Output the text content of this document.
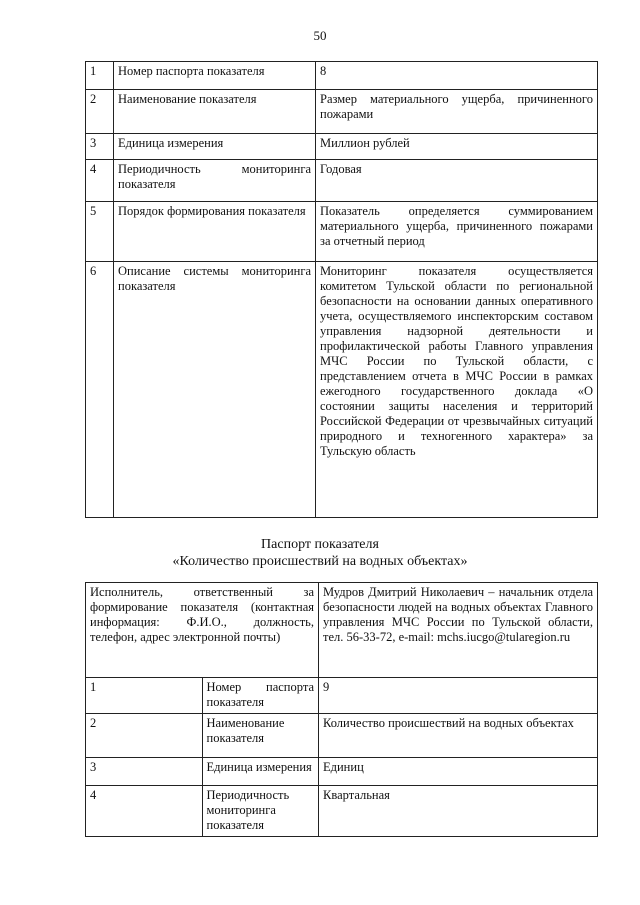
50
1	Номер паспорта показателя	8
2	Наименование показателя	Размер материального ущерба, причиненного пожарами
3	Единица измерения	Миллион рублей
4	Периодичность мониторинга показателя	Годовая
5	Порядок формирования показателя	Показатель определяется суммированием материального ущерба, причиненного пожарами за отчетный период
6	Описание системы мониторинга показателя	Мониторинг показателя осуществляется комитетом Тульской области по региональной безопасности на основании данных оперативного учета, осуществляемого инспекторским составом управления надзорной деятельности и профилактической работы Главного управления МЧС России по Тульской области, с представлением отчета в МЧС России в рамках ежегодного государственного доклада «О состоянии защиты населения и территорий Российской Федерации от чрезвычайных ситуаций природного и техногенного характера» за Тульскую область
Паспорт показателя
«Количество происшествий на водных объектах»
Исполнитель, ответственный за формирование показателя (контактная информация: Ф.И.О., должность, телефон, адрес электронной почты)		Мудров Дмитрий Николаевич – начальник отдела безопасности людей на водных объектах Главного управления МЧС России по Тульской области, тел. 56-33-72, e-mail: mchs.iucgo@tularegion.ru
1	Номер паспорта показателя	9
2	Наименование показателя	Количество происшествий на водных объектах
3	Единица измерения	Единиц
4	Периодичность мониторинга показателя	Квартальная
